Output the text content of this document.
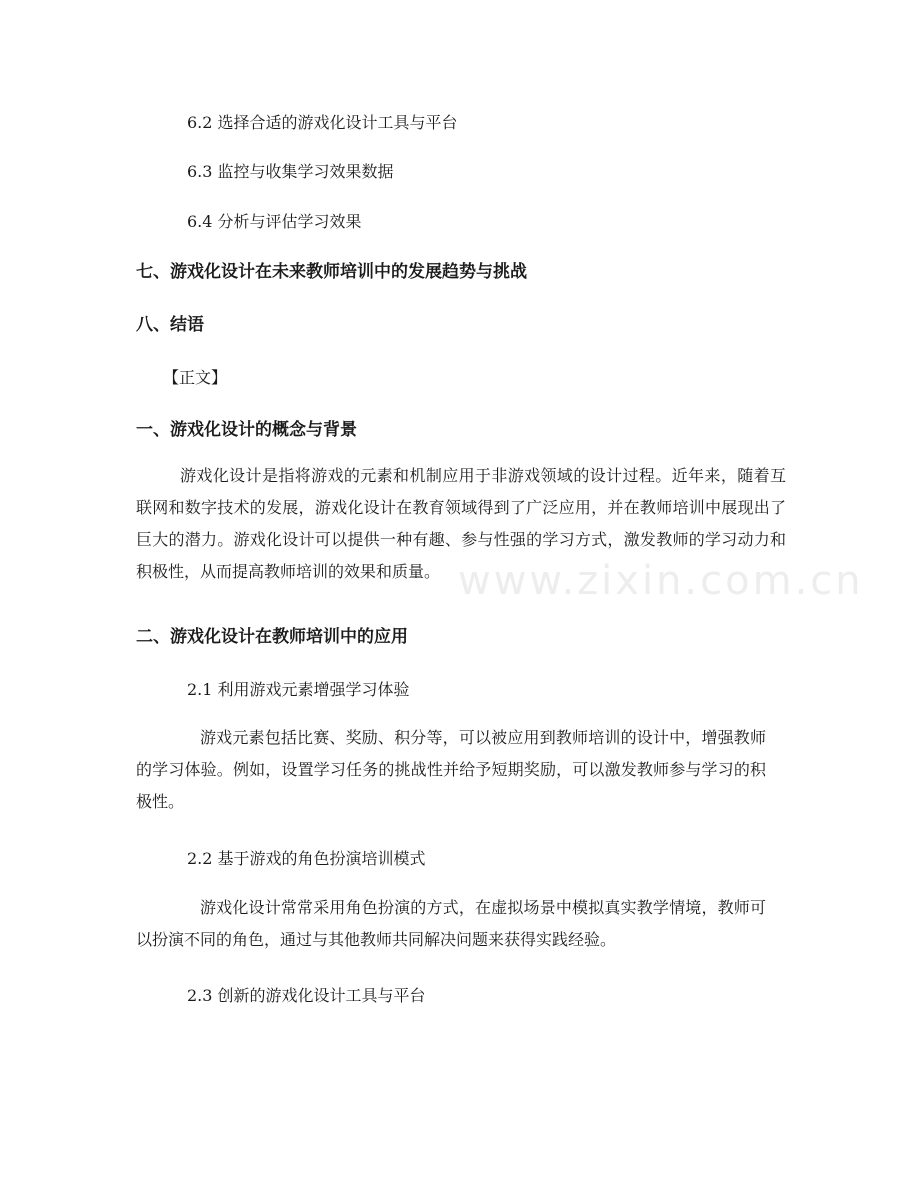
6.2 选择合适的游戏化设计工具与平台
6.3 监控与收集学习效果数据
6.4 分析与评估学习效果
七、游戏化设计在未来教师培训中的发展趋势与挑战
八、结语
【正文】
一、游戏化设计的概念与背景

游戏化设计是指将游戏的元素和机制应用于非游戏领域的设计过程。近年来，随着互联网和数字技术的发展，游戏化设计在教育领域得到了广泛应用，并在教师培训中展现出了巨大的潜力。游戏化设计可以提供一种有趣、参与性强的学习方式，激发教师的学习动力和积极性，从而提高教师培训的效果和质量。

二、游戏化设计在教师培训中的应用
2.1 利用游戏元素增强学习体验

游戏元素包括比赛、奖励、积分等，可以被应用到教师培训的设计中，增强教师的学习体验。例如，设置学习任务的挑战性并给予短期奖励，可以激发教师参与学习的积极性。

2.2 基于游戏的角色扮演培训模式

游戏化设计常常采用角色扮演的方式，在虚拟场景中模拟真实教学情境，教师可以扮演不同的角色，通过与其他教师共同解决问题来获得实践经验。

2.3 创新的游戏化设计工具与平台
www.zixin.com.cn
